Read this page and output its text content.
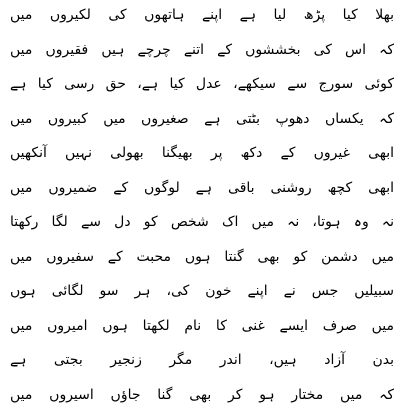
بھلا کیا پڑھ لیا ہے اپنے ہاتھوں کی لکیروں میں
کہ اس کی بخششوں کے اتنے چرچے ہیں فقیروں میں
کوئی سورج سے سیکھے، عدل کیا ہے، حق رسی کیا ہے
کہ یکساں دھوپ بٹتی ہے صغیروں میں کبیروں میں
ابھی غیروں کے دکھ پر بھیگنا بھولی نہیں آنکھیں
ابھی کچھ روشنی باقی ہے لوگوں کے ضمیروں میں
نہ وہ ہوتا، نہ میں اک شخص کو دل سے لگا رکھتا
میں دشمن کو بھی گنتا ہوں محبت کے سفیروں میں
سبیلیں جس نے اپنے خون کی، ہر سو لگائی ہوں
میں صرف ایسے غنی کا نام لکھتا ہوں امیروں میں
بدن آزاد ہیں، اندر مگر زنجیر بجتی ہے
کہ میں مختار ہو کر بھی گنا جاؤں اسیروں میں
